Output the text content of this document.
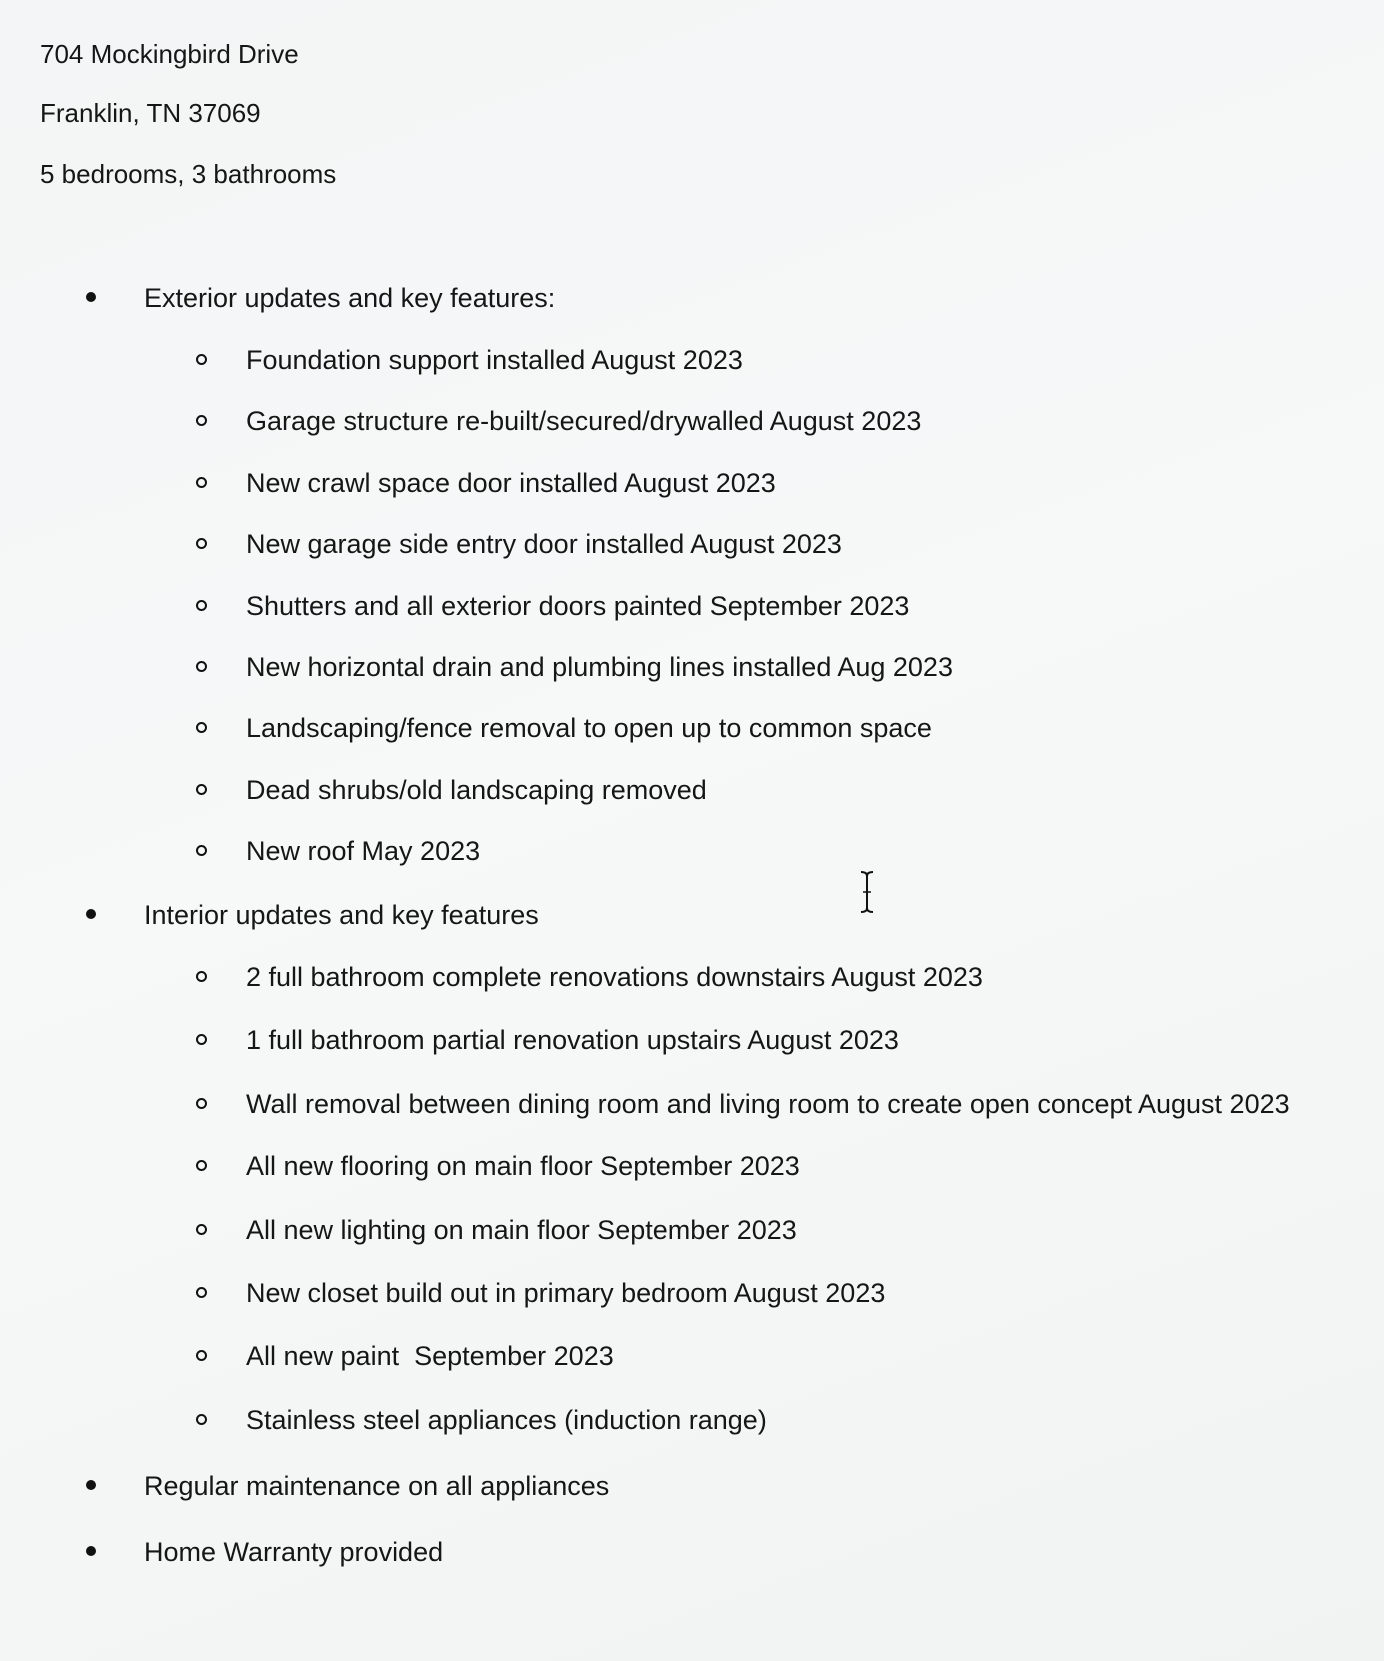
704 Mockingbird Drive
Franklin, TN 37069
5 bedrooms, 3 bathrooms
Exterior updates and key features:
Foundation support installed August 2023
Garage structure re-built/secured/drywalled August 2023
New crawl space door installed August 2023
New garage side entry door installed August 2023
Shutters and all exterior doors painted September 2023
New horizontal drain and plumbing lines installed Aug 2023
Landscaping/fence removal to open up to common space
Dead shrubs/old landscaping removed
New roof May 2023
Interior updates and key features
2 full bathroom complete renovations downstairs August 2023
1 full bathroom partial renovation upstairs August 2023
Wall removal between dining room and living room to create open concept August 2023
All new flooring on main floor September 2023
All new lighting on main floor September 2023
New closet build out in primary bedroom August 2023
All new paint  September 2023
Stainless steel appliances (induction range)
Regular maintenance on all appliances
Home Warranty provided
